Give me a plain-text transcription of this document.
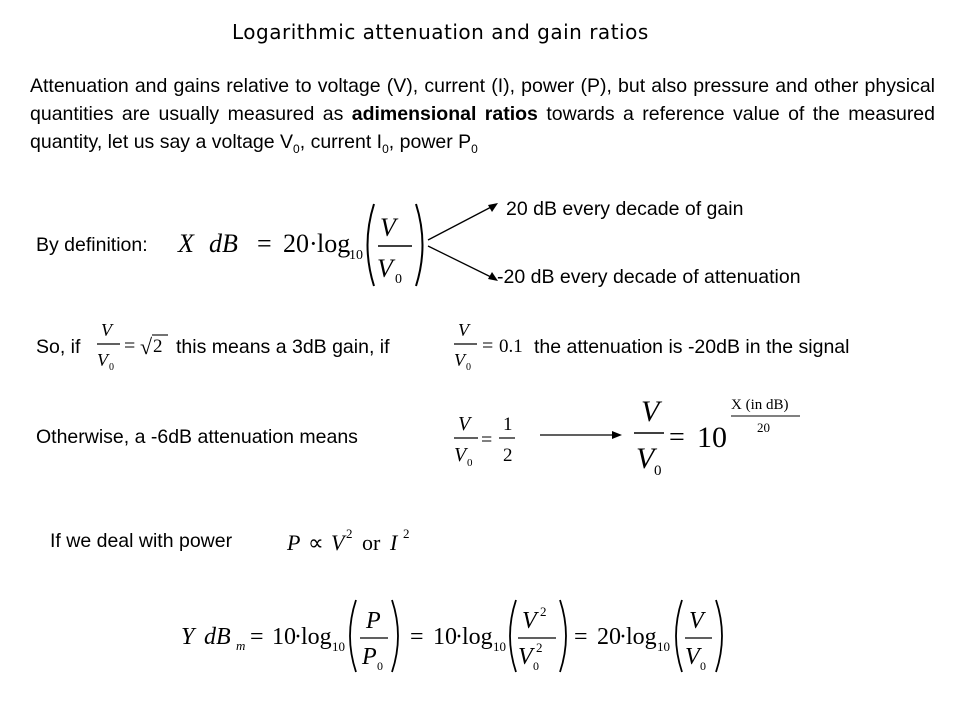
Logarithmic attenuation and gain ratios
Attenuation and gains relative to voltage (V), current (I), power (P), but also pressure and other physical quantities are usually measured as adimensional ratios towards a reference value of the measured quantity, let us say a voltage $V_0$, current $I_0$, power $P_0$
By definition:
20 dB every decade of gain
-20 dB every decade of attenuation
X dB = 20 · log
10
V
V 0
V
V 0
= √ 2
V
V 0
= 0.1
V
V 0
=
1
2
V
V 0
= 10
X (in dB)
20
P ∝ V 2 or I 2
Y dB m = 10
· log 10
P
P 0
= 10
· log 10
V 2
V 2
0
= 20
· log 10
V
V 0
So, if	this means a 3dB gain, if	the attenuation is -20dB in the signal
Otherwise, a -6dB attenuation means
If we deal with power
